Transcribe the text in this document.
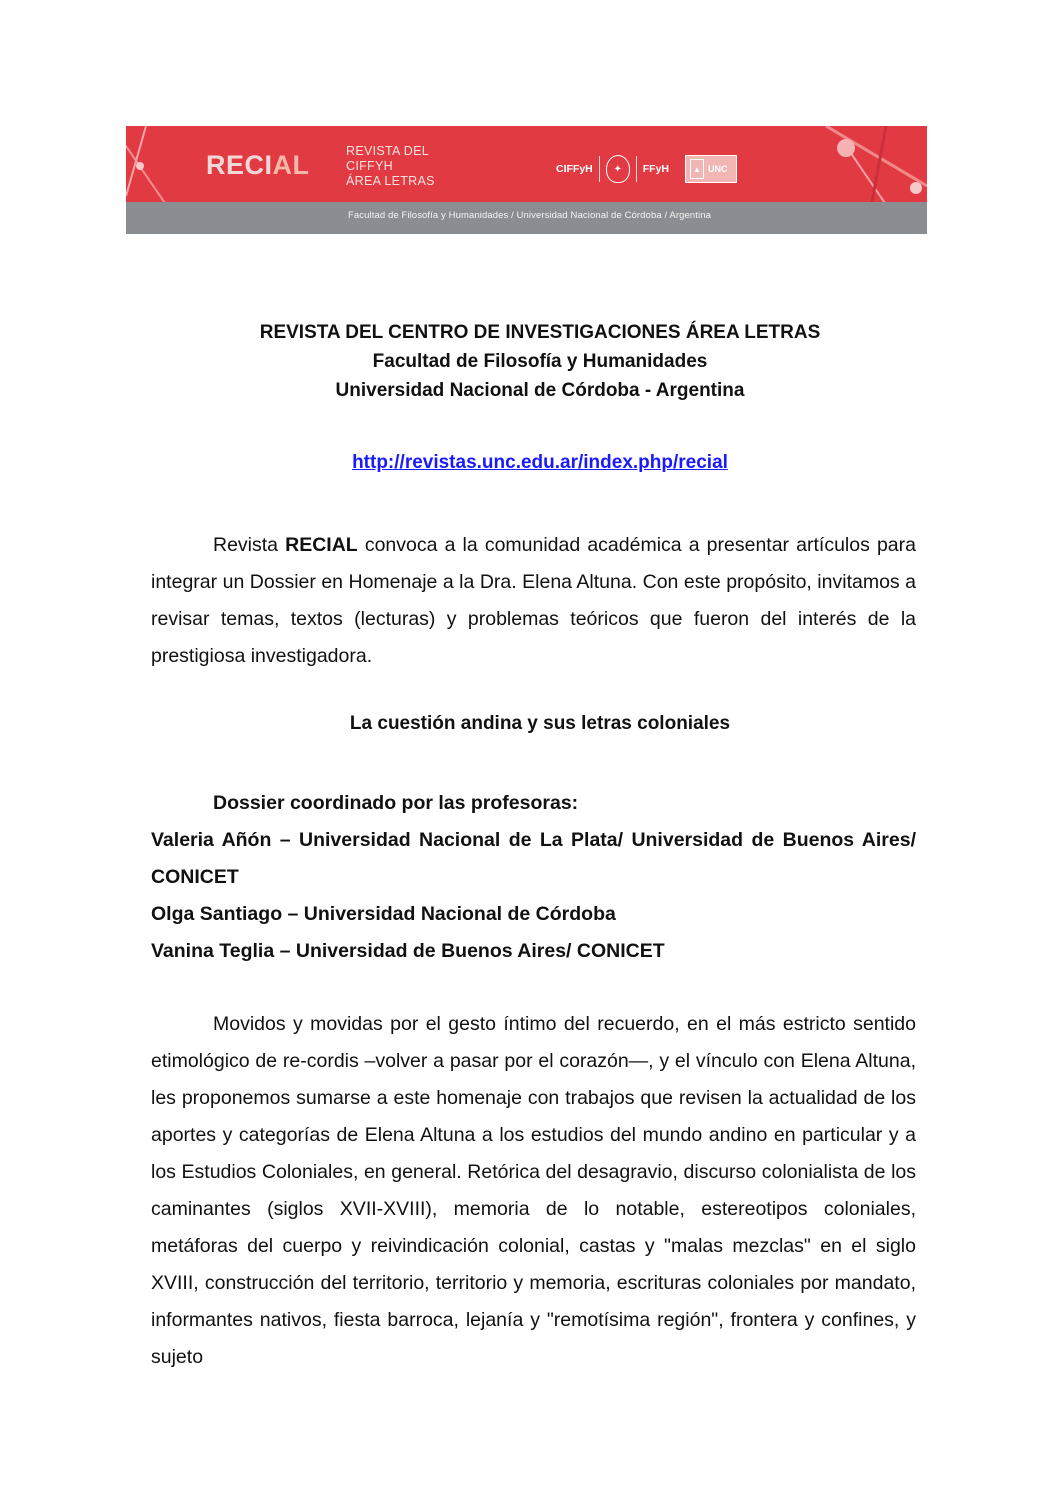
RECIAL	REVISTA DEL
CIFFYH
ÁREA LETRAS
CIFFyH	✦	FFyH	▲ UNC
Facultad de Filosofía y Humanidades / Universidad Nacional de Córdoba / Argentina
REVISTA DEL CENTRO DE INVESTIGACIONES ÁREA LETRAS
Facultad de Filosofía y Humanidades
Universidad Nacional de Córdoba - Argentina
http://revistas.unc.edu.ar/index.php/recial

Revista RECIAL convoca a la comunidad académica a presentar artículos para integrar un Dossier en Homenaje a la Dra. Elena Altuna. Con este propósito, invitamos a revisar temas, textos (lecturas) y problemas teóricos que fueron del interés de la prestigiosa investigadora.

La cuestión andina y sus letras coloniales
Dossier coordinado por las profesoras:
Valeria Añón – Universidad Nacional de La Plata/ Universidad de Buenos Aires/ CONICET
Olga Santiago – Universidad Nacional de Córdoba
Vanina Teglia – Universidad de Buenos Aires/ CONICET

Movidos y movidas por el gesto íntimo del recuerdo, en el más estricto sentido etimológico de re-cordis –volver a pasar por el corazón—, y el vínculo con Elena Altuna, les proponemos sumarse a este homenaje con trabajos que revisen la actualidad de los aportes y categorías de Elena Altuna a los estudios del mundo andino en particular y a los Estudios Coloniales, en general. Retórica del desagravio, discurso colonialista de los caminantes (siglos XVII-XVIII), memoria de lo notable, estereotipos coloniales, metáforas del cuerpo y reivindicación colonial, castas y "malas mezclas" en el siglo XVIII, construcción del territorio, territorio y memoria, escrituras coloniales por mandato, informantes nativos, fiesta barroca, lejanía y "remotísima región", frontera y confines, y sujeto
